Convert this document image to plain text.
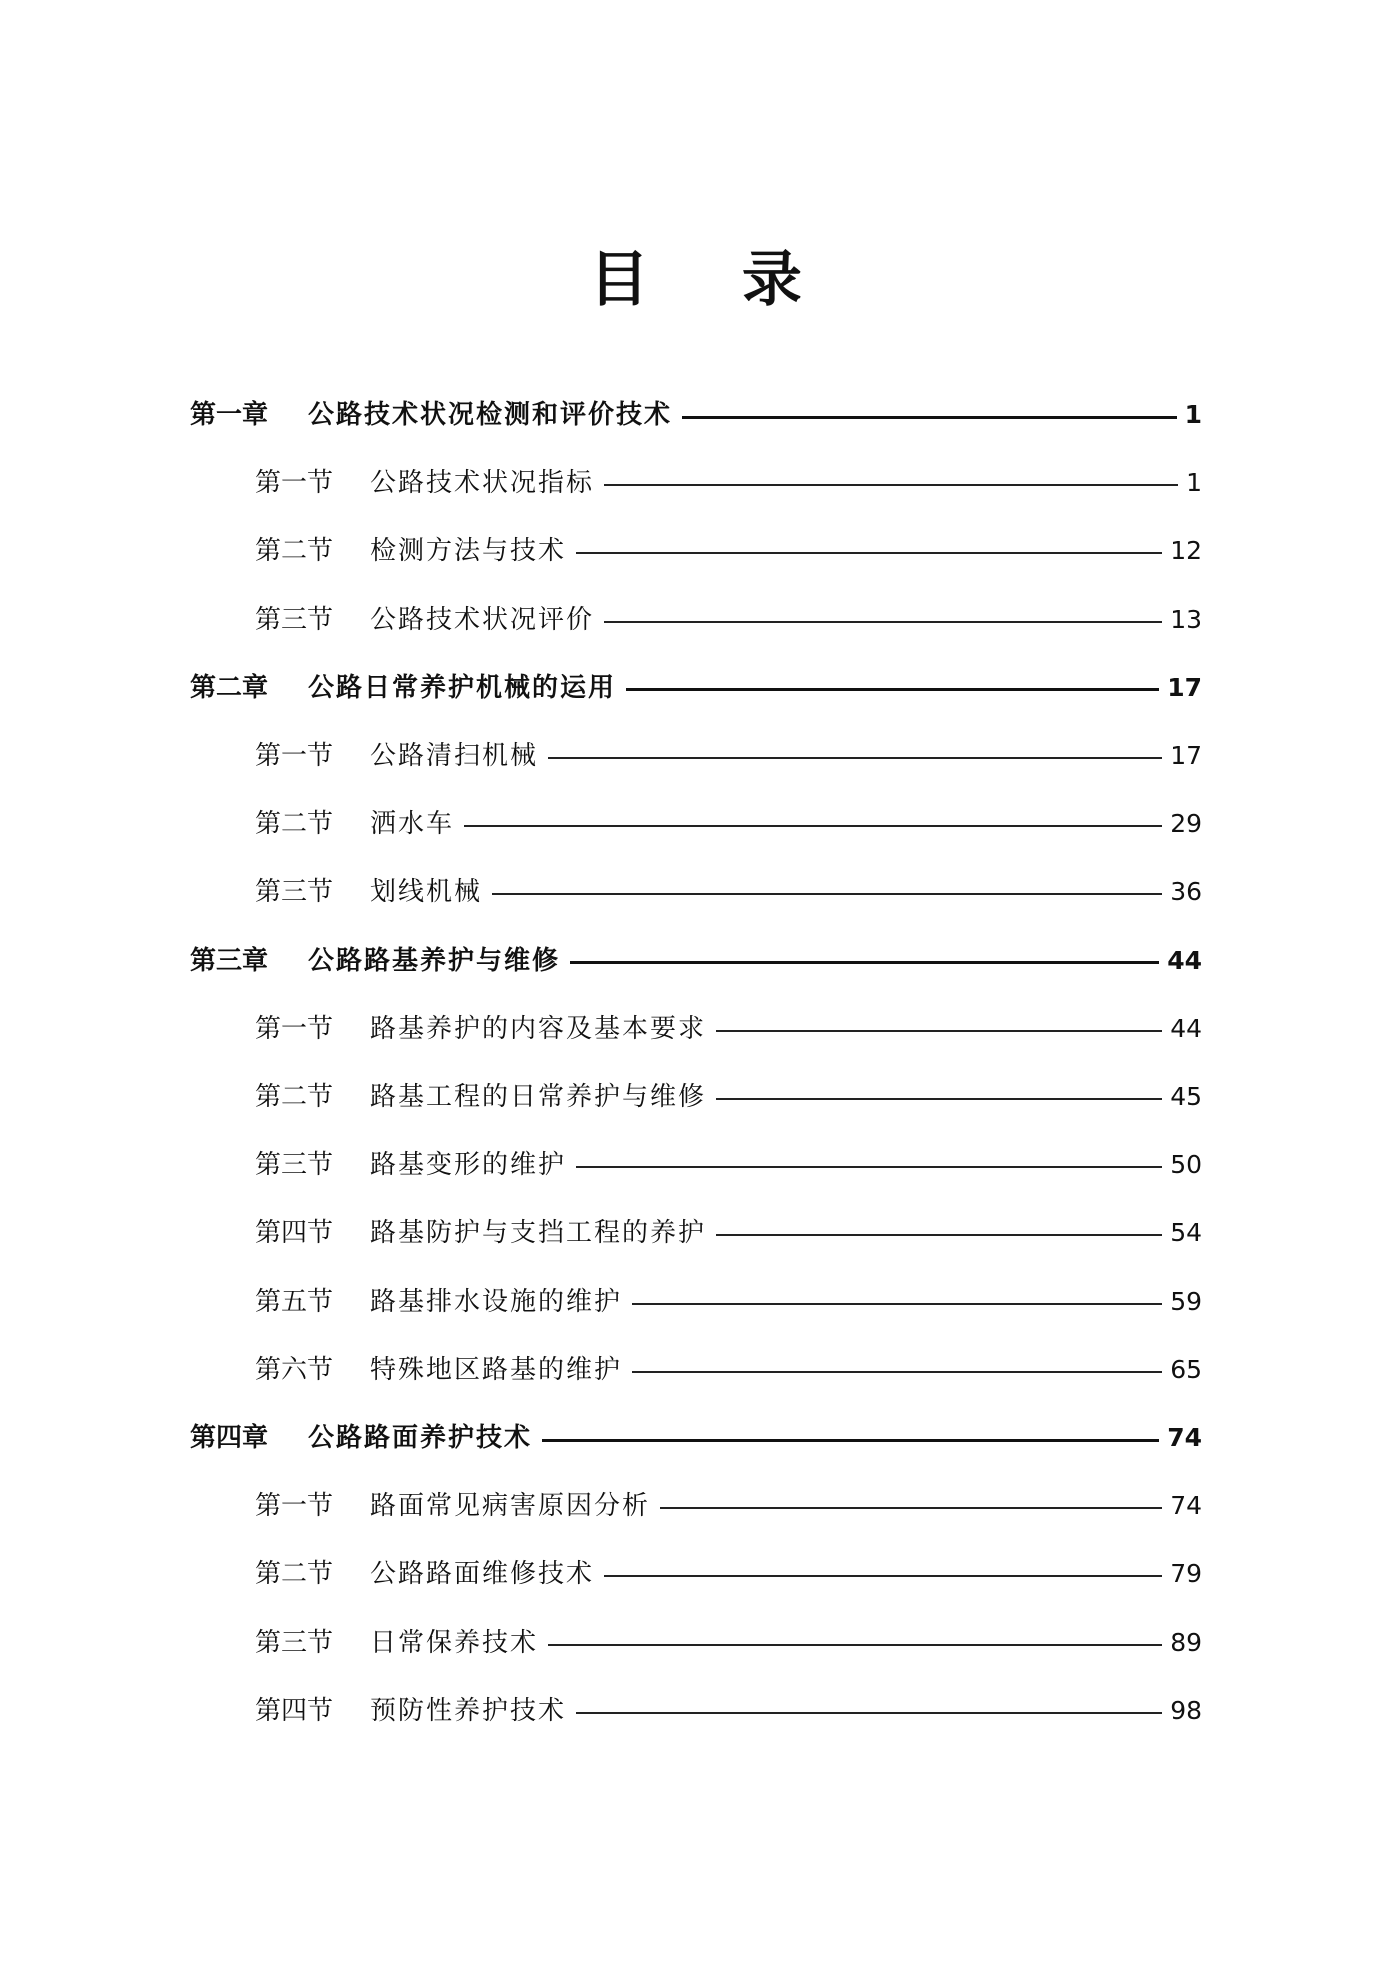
目 录
第一章	公路技术状况检测和评价技术	1
第一节	公路技术状况指标	1
第二节	检测方法与技术	12
第三节	公路技术状况评价	13
第二章	公路日常养护机械的运用	17
第一节	公路清扫机械	17
第二节	洒水车	29
第三节	划线机械	36
第三章	公路路基养护与维修	44
第一节	路基养护的内容及基本要求	44
第二节	路基工程的日常养护与维修	45
第三节	路基变形的维护	50
第四节	路基防护与支挡工程的养护	54
第五节	路基排水设施的维护	59
第六节	特殊地区路基的维护	65
第四章	公路路面养护技术	74
第一节	路面常见病害原因分析	74
第二节	公路路面维修技术	79
第三节	日常保养技术	89
第四节	预防性养护技术	98
